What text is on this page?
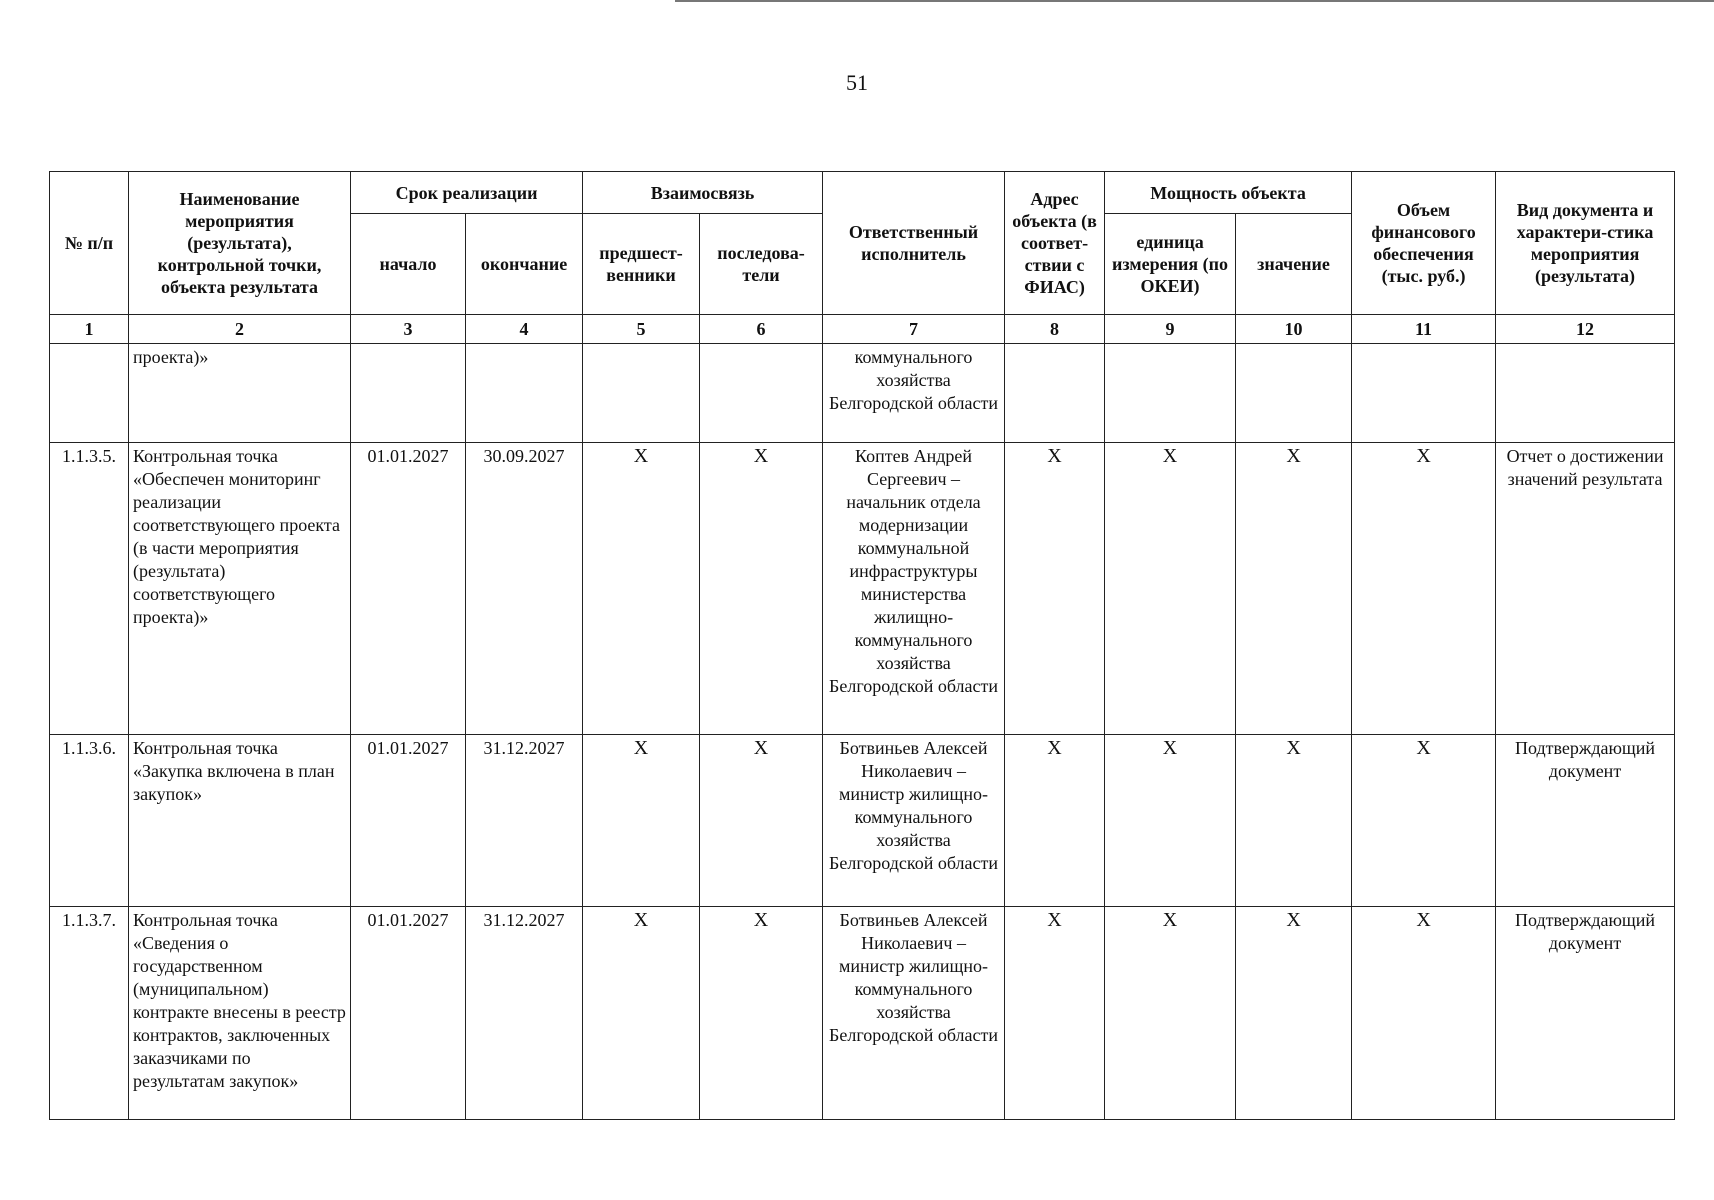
51
№ п/п	Наименование мероприятия (результата), контрольной точки, объекта результата	Срок реализации		Взаимосвязь		Ответственный исполнитель	Адрес объекта (в соответ-ствии с ФИАС)	Мощность объекта		Объем финансового обеспечения (тыс. руб.)	Вид документа и характери-стика мероприятия (результата)
		начало	окончание	предшест-венники	последова-тели			единица измерения (по ОКЕИ)	значение		
1	2	3	4	5	6	7	8	9	10	11	12
	проекта)»					коммунального хозяйства Белгородской области					
1.1.3.5.	Контрольная точка «Обеспечен мониторинг реализации соответствующего проекта (в части мероприятия (результата) соответствующего проекта)»	01.01.2027	30.09.2027	Х	Х	Коптев Андрей Сергеевич – начальник отдела модернизации коммунальной инфраструктуры министерства жилищно-коммунального хозяйства Белгородской области	Х	Х	Х	Х	Отчет о достижении значений результата
1.1.3.6.	Контрольная точка «Закупка включена в план закупок»	01.01.2027	31.12.2027	Х	Х	Ботвиньев Алексей Николаевич – министр жилищно-коммунального хозяйства Белгородской области	Х	Х	Х	Х	Подтверждающий документ
1.1.3.7.	Контрольная точка «Сведения о государственном (муниципальном) контракте внесены в реестр контрактов, заключенных заказчиками по результатам закупок»	01.01.2027	31.12.2027	Х	Х	Ботвиньев Алексей Николаевич – министр жилищно-коммунального хозяйства Белгородской области	Х	Х	Х	Х	Подтверждающий документ
